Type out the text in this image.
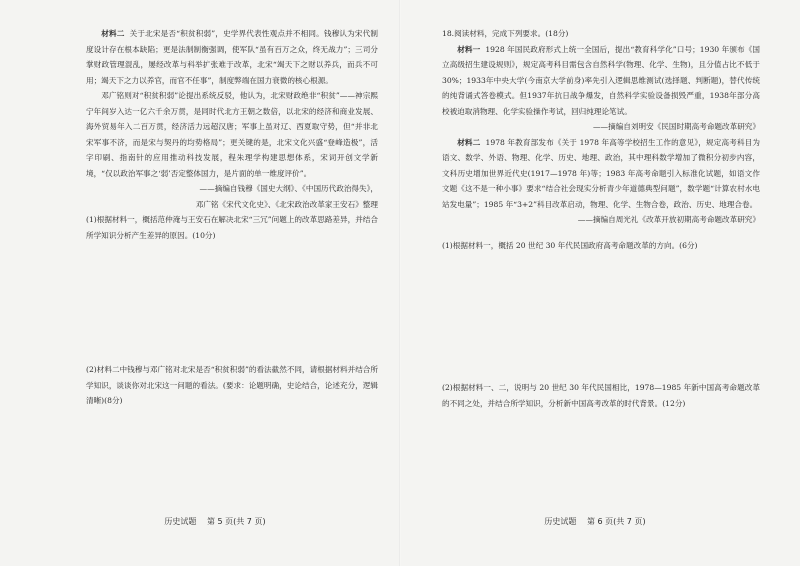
材料二 关于北宋是否“积贫积弱”，史学界代表性观点并不相同。钱穆认为宋代制度设计存在根本缺陷；更是法制制衡强调，使军队“虽有百万之众，终无战力”；三司分掌财政管理混乱，屡经改革与科举扩张难于改革，北宋“竭天下之财以养兵，而兵不可用；竭天下之力以养官，而官不任事”，制度弊端在国力衰微的核心根源。

邓广铭则对“积贫积弱”论提出系统反驳，他认为，北宋财政绝非“积贫”——神宗熙宁年间岁入达一亿六千余万贯，是同时代北方王朝之数倍，以北宋的经济和商业发展、海外贸易年入二百万贯，经济活力远超汉唐；军事上虽对辽、西夏取守势，但“并非北宋军事不济，而是宋与契丹的均势格局”；更关键的是，北宋文化兴盛“登峰造极”，活字印刷、指南针的应用推动科技发展，程朱理学构建思想体系，宋词开创文学新境，“仅以政治军事之‘弱’否定整体国力，是片面的单一维度评价”。

——摘编自钱穆《国史大纲》、《中国历代政治得失》，

邓广铭《宋代文化史》、《北宋政治改革家王安石》整理

(1)根据材料一，概括范仲淹与王安石在解决北宋“三冗”问题上的改革思路差异，并结合所学知识分析产生差异的原因。(10分)

(2)材料二中钱穆与邓广铭对北宋是否“积贫积弱”的看法截然不同，请根据材料并结合所学知识，谈谈你对北宋这一问题的看法。(要求：论题明确，史论结合，论述充分，逻辑清晰)(8分)

历史试题 第 5 页(共 7 页)

18.阅读材料，完成下列要求。(18分)

材料一 1928 年国民政府形式上统一全国后，提出“教育科学化”口号；1930 年颁布《国立高级招生建设规则》，规定高考科目需包含自然科学(物理、化学、生物)，且分值占比不低于30%；1933年中央大学(今南京大学前身)率先引入逻辑思维测试(选择题、判断题)，替代传统的纯背诵式答卷模式。但1937年抗日战争爆发，自然科学实验设备损毁严重，1938年部分高校被迫取消物理、化学实验操作考试，回归纯理论笔试。

——摘编自刘明安《民国时期高考命题改革研究》

材料二 1978 年教育部发布《关于 1978 年高等学校招生工作的意见》，规定高考科目为语文、数学、外语、物理、化学、历史、地理、政治，其中理科数学增加了微积分初步内容，文科历史增加世界近代史(1917—1978 年)等；1983 年高考命题引入标准化试题，如语文作文题《这不是一种小事》要求“结合社会现实分析青少年道德典型问题”，数学题“计算农村水电站发电量”；1985 年“3+2”科目改革启动，物理、化学、生物合卷，政治、历史、地理合卷。

——摘编自周光礼《改革开放初期高考命题改革研究》

(1)根据材料一，概括 20 世纪 30 年代民国政府高考命题改革的方向。(6分)

(2)根据材料一、二，说明与 20 世纪 30 年代民国相比，1978—1985 年新中国高考命题改革的不同之处，并结合所学知识，分析新中国高考改革的时代背景。(12分)

历史试题 第 6 页(共 7 页)
